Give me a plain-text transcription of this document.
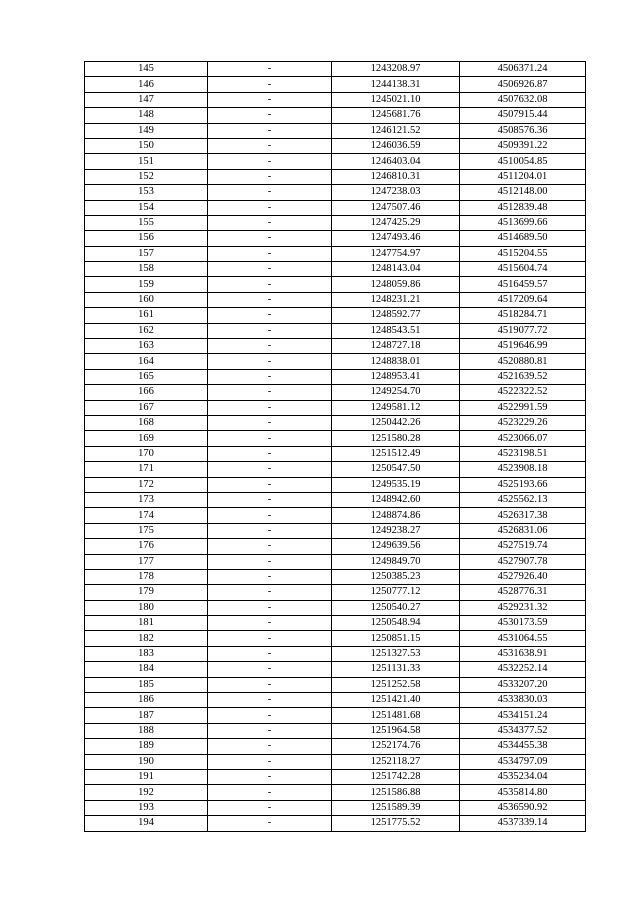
145	-	1243208.97	4506371.24
146	-	1244138.31	4506926.87
147	-	1245021.10	4507632.08
148	-	1245681.76	4507915.44
149	-	1246121.52	4508576.36
150	-	1246036.59	4509391.22
151	-	1246403.04	4510054.85
152	-	1246810.31	4511204.01
153	-	1247238.03	4512148.00
154	-	1247507.46	4512839.48
155	-	1247425.29	4513699.66
156	-	1247493.46	4514689.50
157	-	1247754.97	4515204.55
158	-	1248143.04	4515604.74
159	-	1248059.86	4516459.57
160	-	1248231.21	4517209.64
161	-	1248592.77	4518284.71
162	-	1248543.51	4519077.72
163	-	1248727.18	4519646.99
164	-	1248838.01	4520880.81
165	-	1248953.41	4521639.52
166	-	1249254.70	4522322.52
167	-	1249581.12	4522991.59
168	-	1250442.26	4523229.26
169	-	1251580.28	4523066.07
170	-	1251512.49	4523198.51
171	-	1250547.50	4523908.18
172	-	1249535.19	4525193.66
173	-	1248942.60	4525562.13
174	-	1248874.86	4526317.38
175	-	1249238.27	4526831.06
176	-	1249639.56	4527519.74
177	-	1249849.70	4527907.78
178	-	1250385.23	4527926.40
179	-	1250777.12	4528776.31
180	-	1250540.27	4529231.32
181	-	1250548.94	4530173.59
182	-	1250851.15	4531064.55
183	-	1251327.53	4531638.91
184	-	1251131.33	4532252.14
185	-	1251252.58	4533207.20
186	-	1251421.40	4533830.03
187	-	1251481.68	4534151.24
188	-	1251964.58	4534377.52
189	-	1252174.76	4534455.38
190	-	1252118.27	4534797.09
191	-	1251742.28	4535234.04
192	-	1251586.88	4535814.80
193	-	1251589.39	4536590.92
194	-	1251775.52	4537339.14
